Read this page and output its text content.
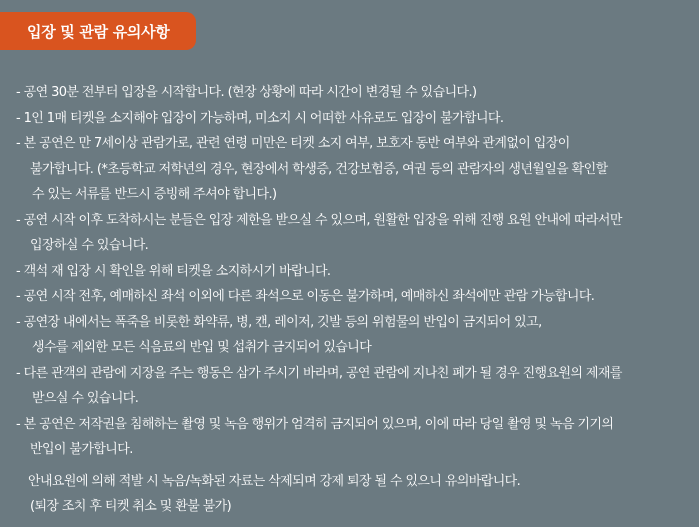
입장 및 관람 유의사항
- 공연 30분 전부터 입장을 시작합니다. (현장 상황에 따라 시간이 변경될 수 있습니다.)
- 1인 1매 티켓을 소지해야 입장이 가능하며, 미소지 시 어떠한 사유로도 입장이 불가합니다.
- 본 공연은 만 7세이상 관람가로, 관련 연령 미만은 티켓 소지 여부, 보호자 동반 여부와 관계없이 입장이
불가합니다. (*초등학교 저학년의 경우, 현장에서 학생증, 건강보험증, 여권 등의 관람자의 생년월일을 확인할
수 있는 서류를 반드시 증빙해 주셔야 합니다.)
- 공연 시작 이후 도착하시는 분들은 입장 제한을 받으실 수 있으며, 원활한 입장을 위해 진행 요원 안내에 따라서만
입장하실 수 있습니다.
- 객석 재 입장 시 확인을 위해 티켓을 소지하시기 바랍니다.
- 공연 시작 전후, 예매하신 좌석 이외에 다른 좌석으로 이동은 불가하며, 예매하신 좌석에만 관람 가능합니다.
- 공연장 내에서는 폭죽을 비롯한 화약류, 병, 캔, 레이저, 깃발 등의 위험물의 반입이 금지되어 있고,
생수를 제외한 모든 식음료의 반입 및 섭취가 금지되어 있습니다
- 다른 관객의 관람에 지장을 주는 행동은 삼가 주시기 바라며, 공연 관람에 지나친 폐가 될 경우 진행요원의 제재를
받으실 수 있습니다.
- 본 공연은 저작권을 침해하는 촬영 및 녹음 행위가 엄격히 금지되어 있으며, 이에 따라 당일 촬영 및 녹음 기기의
반입이 불가합니다.
안내요원에 의해 적발 시 녹음/녹화된 자료는 삭제되며 강제 퇴장 될 수 있으니 유의바랍니다.
(퇴장 조치 후 티켓 취소 및 환불 불가)
